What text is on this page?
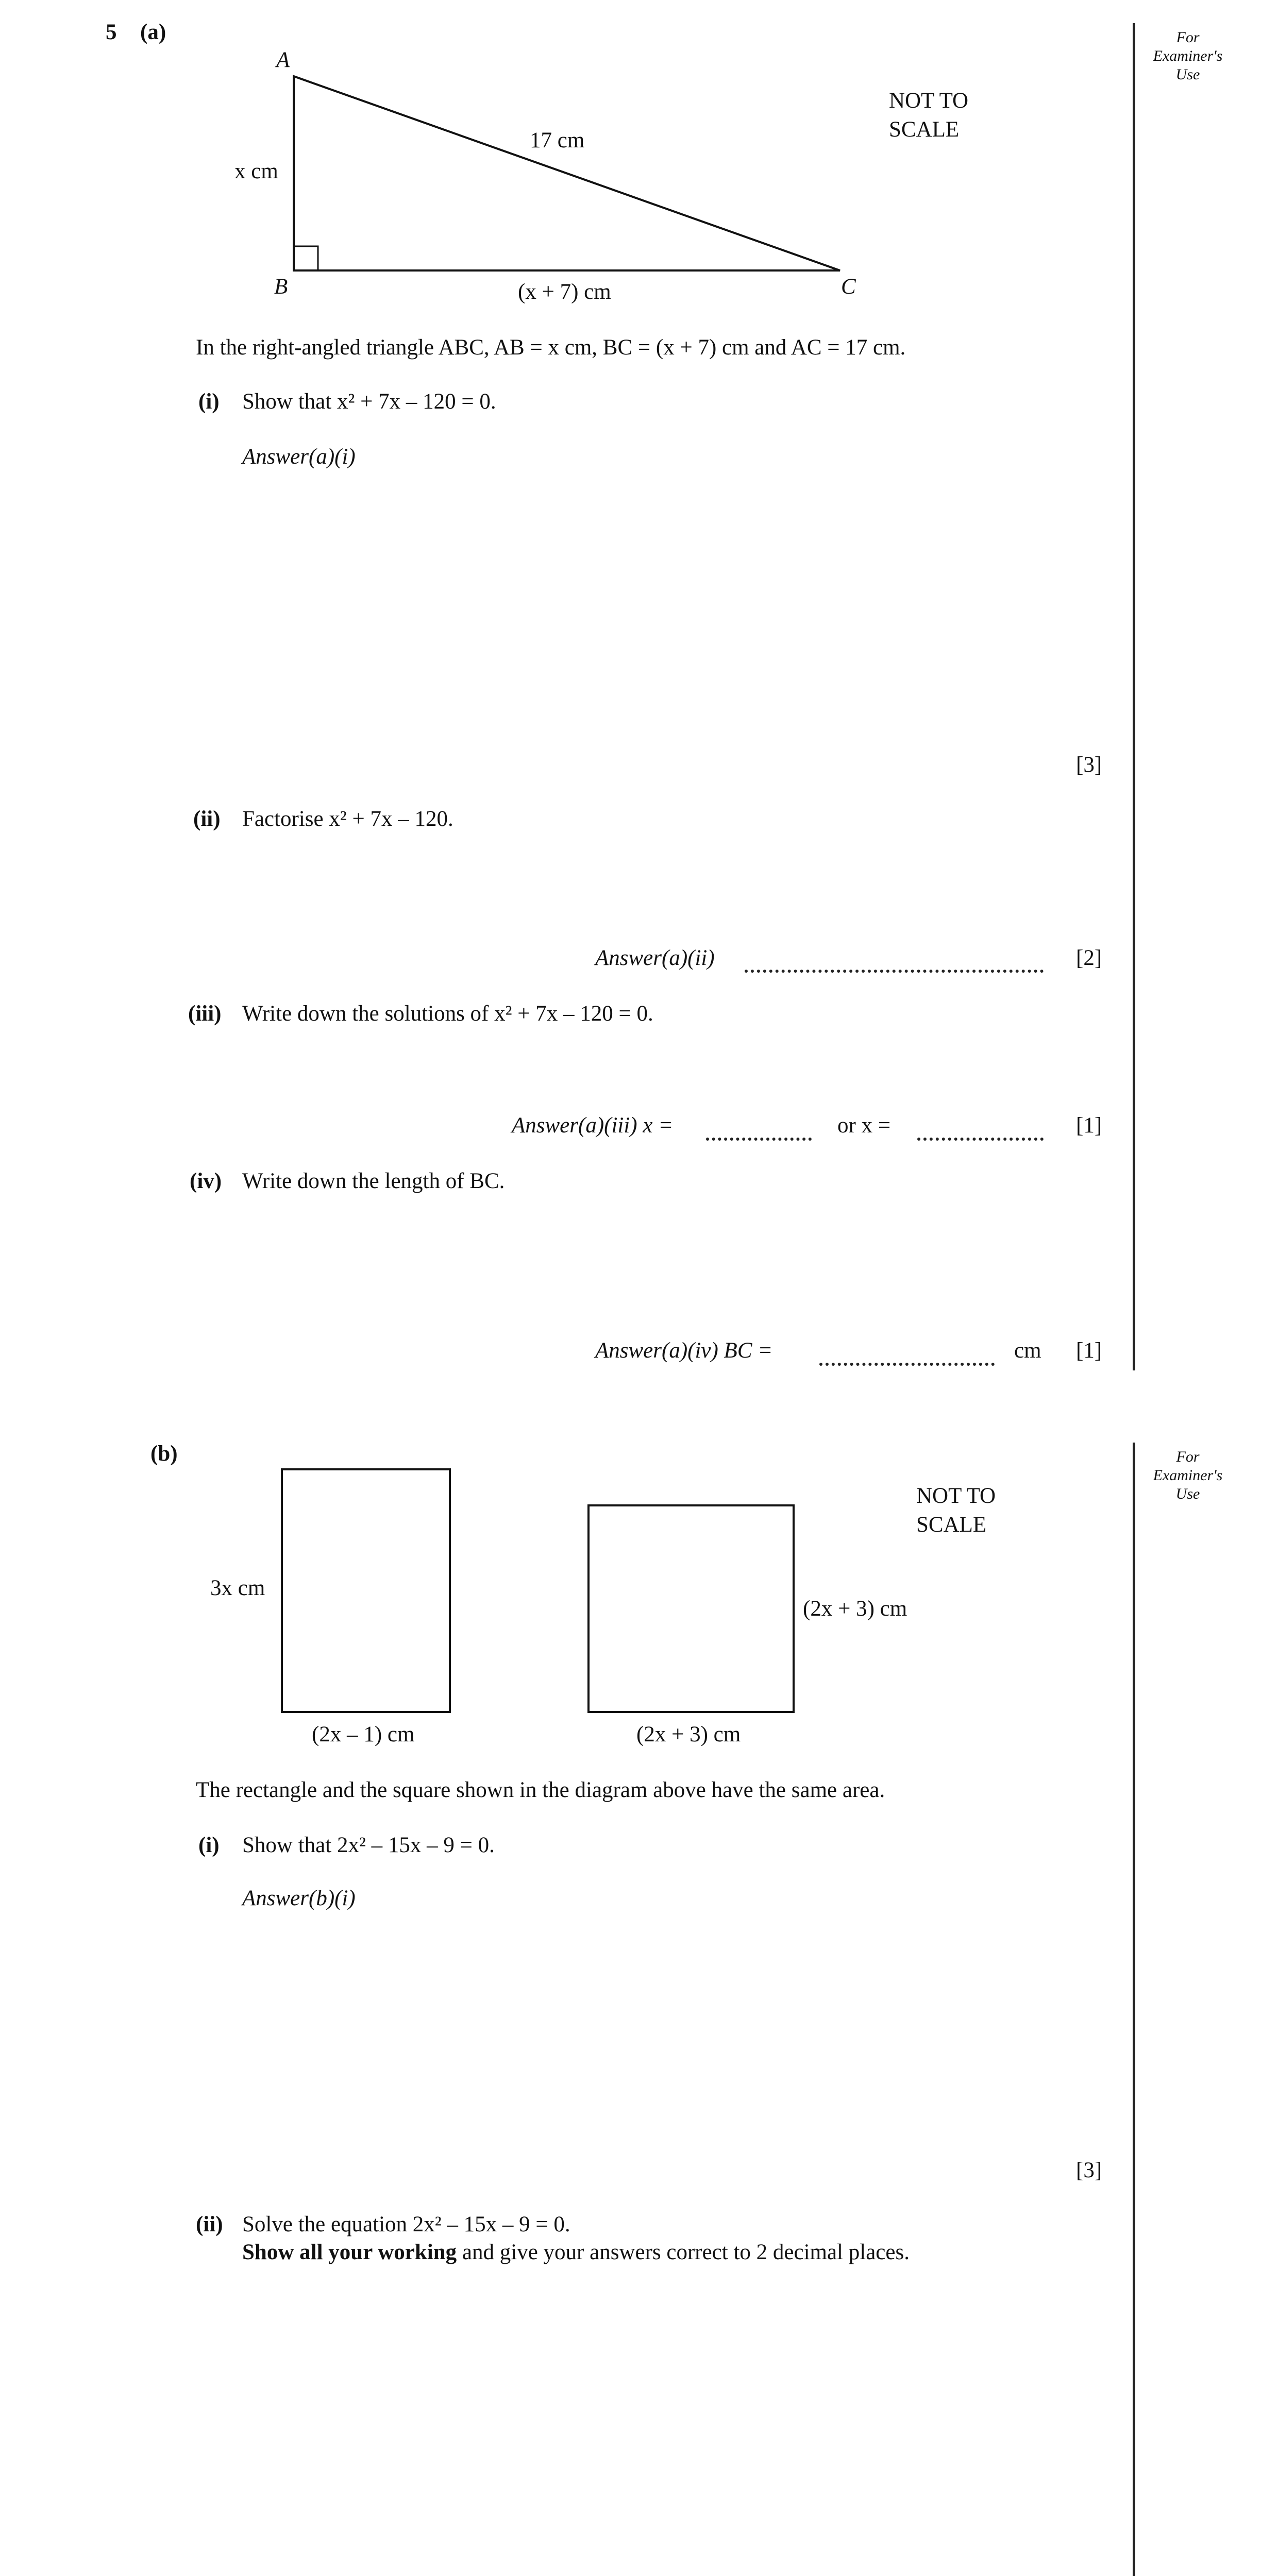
For
Examiner's
Use
For
Examiner's
Use
5 (a)
A
B	C
x cm
17 cm
(x + 7) cm
NOT TO
SCALE
In the right-angled triangle ABC, AB = x cm, BC = (x + 7) cm and AC = 17 cm.
(i) Show that x² + 7x – 120 = 0.
Answer(a)(i)
[3]
(ii) Factorise x² + 7x – 120.
Answer(a)(ii)	[2]
(iii) Write down the solutions of x² + 7x – 120 = 0.
Answer(a)(iii) x =	or x =	[1]
(iv) Write down the length of BC.
Answer(a)(iv) BC =	cm [1]
(b)
3x cm
(2x – 1) cm
(2x + 3) cm
(2x + 3) cm
NOT TO
SCALE
The rectangle and the square shown in the diagram above have the same area.
(i) Show that 2x² – 15x – 9 = 0.
Answer(b)(i)
[3]
(ii) Solve the equation 2x² – 15x – 9 = 0.
Show all your working and give your answers correct to 2 decimal places.
